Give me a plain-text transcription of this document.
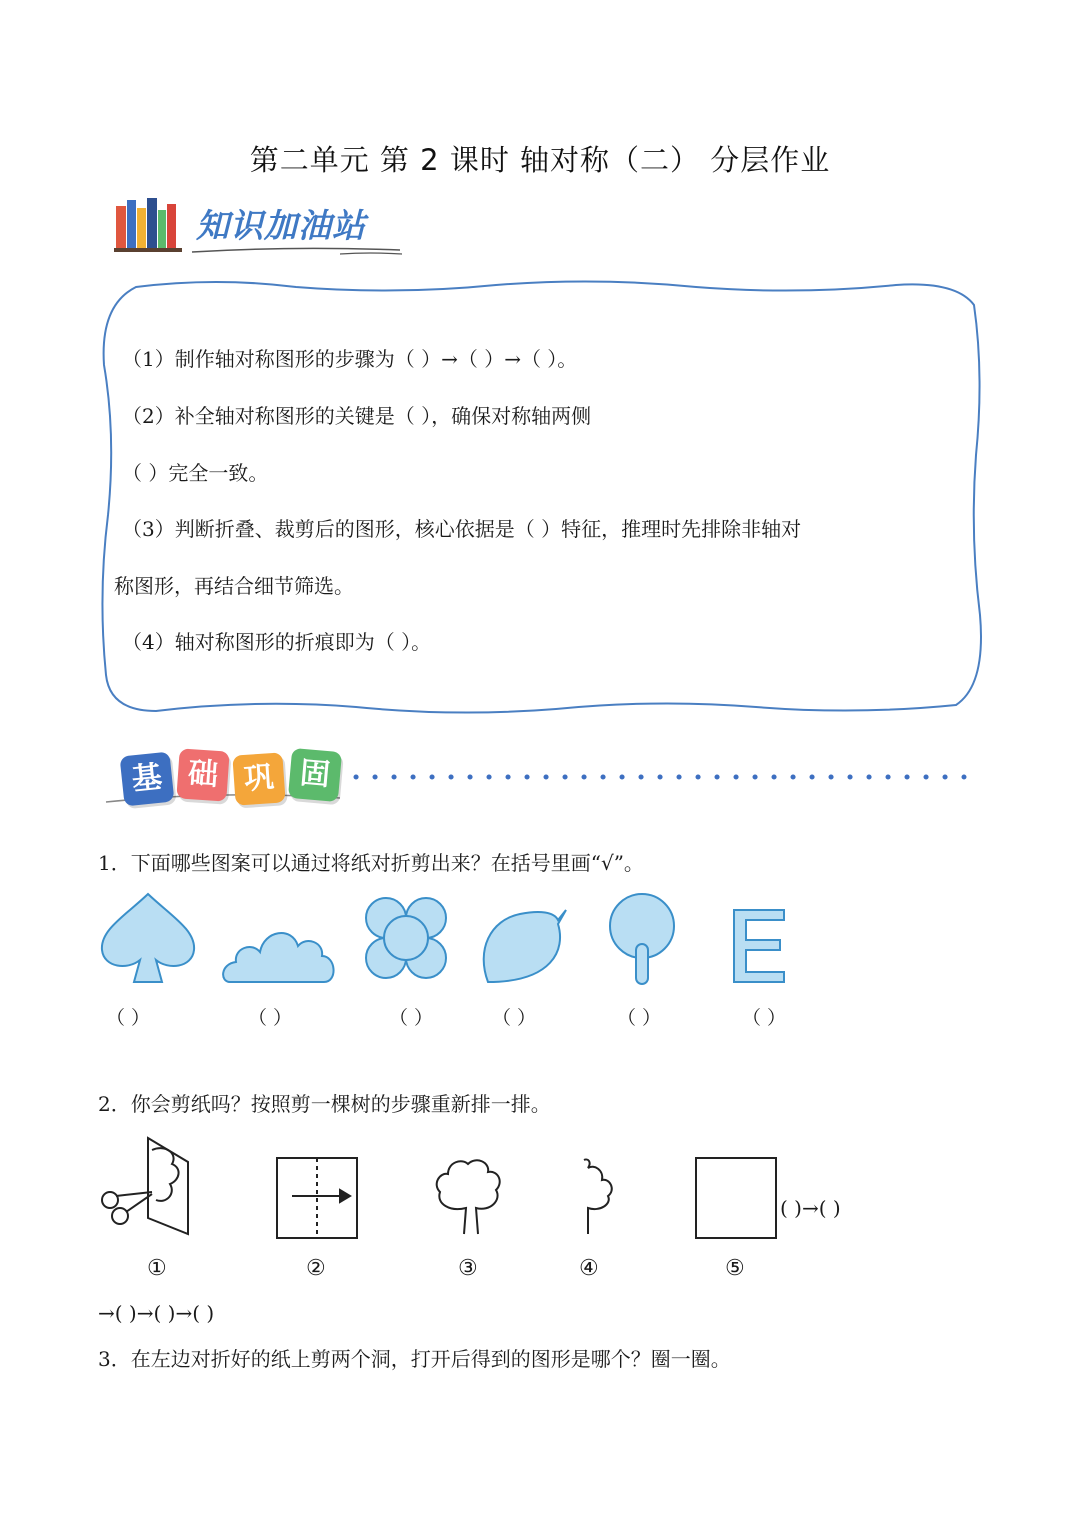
第二单元 第 2 课时 轴对称（二） 分层作业
知识加油站
（1）制作轴对称图形的步骤为（ ）→（ ）→（ ）。
（2）补全轴对称图形的关键是（ ），确保对称轴两侧
（ ）完全一致。
（3）判断折叠、裁剪后的图形，核心依据是（ ）特征，推理时先排除非轴对
称图形，再结合细节筛选。
（4）轴对称图形的折痕即为（ ）。
基 础 巩 固
1．下面哪些图案可以通过将纸对折剪出来？在括号里画“√”。
（ ）	（ ）	（ ）	（ ）	（ ）	（ ）
2．你会剪纸吗？按照剪一棵树的步骤重新排一排。
①	②	③	④	⑤
( )→( )
→( )→( )→( )
3．在左边对折好的纸上剪两个洞，打开后得到的图形是哪个？圈一圈。
